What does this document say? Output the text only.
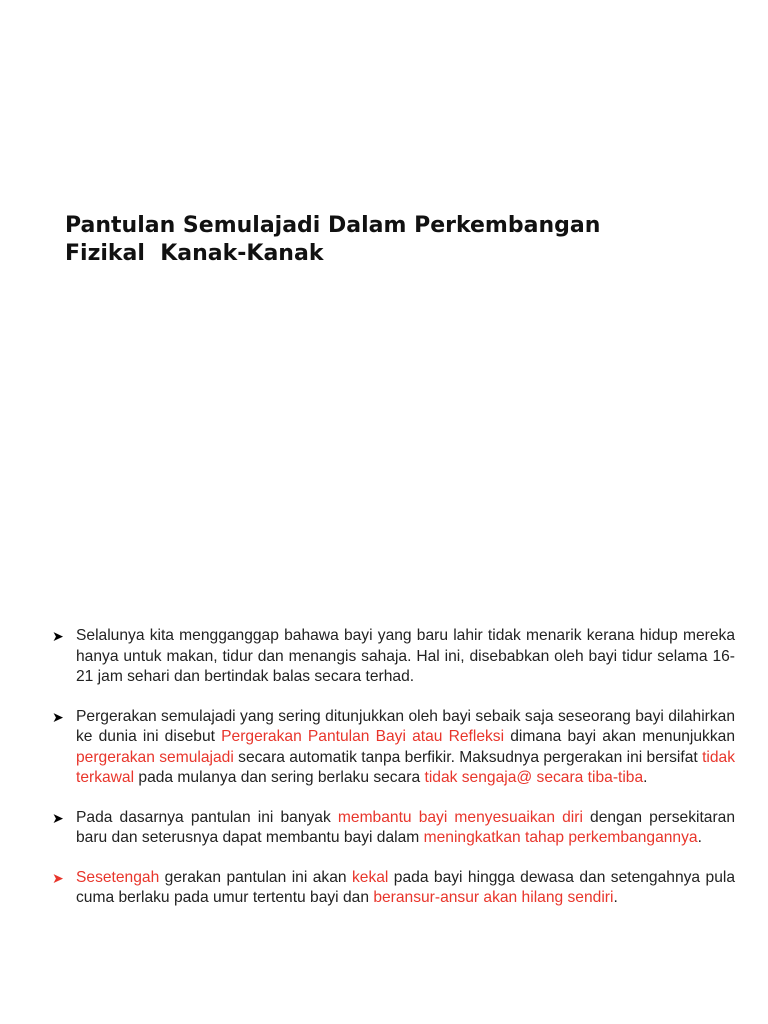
Pantulan Semulajadi Dalam Perkembangan
Fizikal  Kanak-Kanak
➤ Selalunya kita mengganggap bahawa bayi yang baru lahir tidak menarik kerana hidup mereka hanya untuk makan, tidur dan menangis sahaja. Hal ini, disebabkan oleh bayi tidur selama 16-21 jam sehari dan bertindak balas secara terhad.
➤ Pergerakan semulajadi yang sering ditunjukkan oleh bayi sebaik saja seseorang bayi dilahirkan ke dunia ini disebut Pergerakan Pantulan Bayi atau Refleksi dimana bayi akan menunjukkan pergerakan semulajadi secara automatik tanpa berfikir. Maksudnya pergerakan ini bersifat tidak terkawal pada mulanya dan sering berlaku secara tidak sengaja@ secara tiba-tiba.
➤ Pada dasarnya pantulan ini banyak membantu bayi menyesuaikan diri dengan persekitaran baru dan seterusnya dapat membantu bayi dalam meningkatkan tahap perkembangannya.
➤ Sesetengah gerakan pantulan ini akan kekal pada bayi hingga dewasa dan setengahnya pula cuma berlaku pada umur tertentu bayi dan beransur-ansur akan hilang sendiri.
